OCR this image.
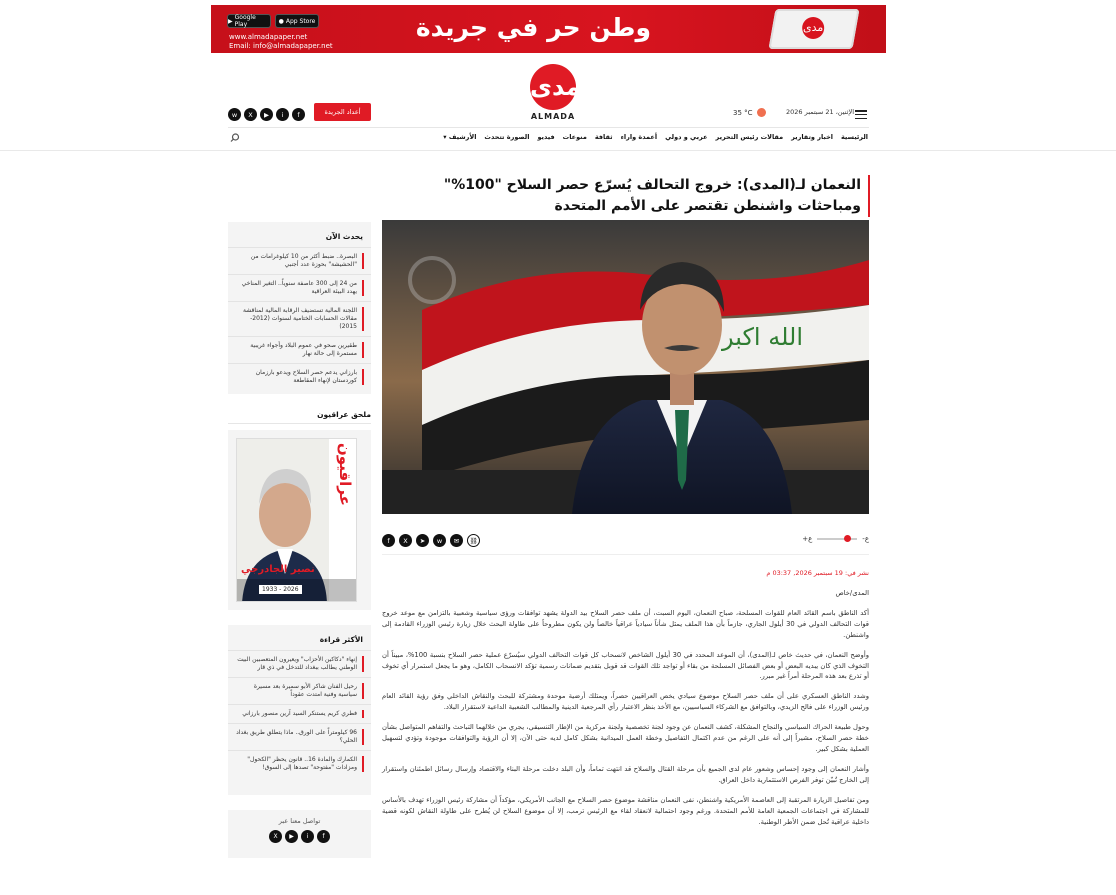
▶ Google Play	● App Store
www.almadapaper.net
Email: info@almadapaper.net
وطن حر في جريدة	مدى
مدى
ALMADA
w	X	▶	i	f	أعداد الجريدة	35 °C	الإثنين، 21 سبتمبر 2026
الرئيسية
اخبار وتقارير
مقالات رئيس التحرير
عربي و دولي
أعمدة واراء
ثقافة
منوعات
فيديو
الصورة تتحدث
الأرشيف ▾
النعمان لـ(المدى): خروج التحالف يُسرّع حصر السلاح "100%" ومباحثات واشنطن تقتصر على الأمم المتحدة
الله اكبر
f	X	➤	w	✉	⛓	ع-
ع+
نشر في: 19 سبتمبر 2026, 03:37 م

المدى/خاص

أكد الناطق باسم القائد العام للقوات المسلحة، صباح النعمان، اليوم السبت، أن ملف حصر السلاح بيد الدولة يشهد توافقات ورؤى سياسية وشعبية بالتزامن مع موعد خروج قوات التحالف الدولي في 30 أيلول الجاري، جازماً بأن هذا الملف يمثل شأناً سيادياً عراقياً خالصاً ولن يكون مطروحاً على طاولة البحث خلال زيارة رئيس الوزراء القادمة إلى واشنطن.

وأوضح النعمان، في حديث خاص لـ(المدى)، أن الموعد المحدد في 30 أيلول الشاخص لانسحاب كل قوات التحالف الدولي سيُسرّع عملية حصر السلاح بنسبة 100%، مبيناً أن التخوف الذي كان يبديه البعض أو بعض الفصائل المسلحة من بقاء أو تواجد تلك القوات قد قوبل بتقديم ضمانات رسمية تؤكد الانسحاب الكامل، وهو ما يجعل استمرار أي تخوف أو تذرع بعد هذه المرحلة أمراً غير مبرر.

وشدد الناطق العسكري على أن ملف حصر السلاح موضوع سيادي يخص العراقيين حصراً، ويمتلك أرضية موحدة ومشتركة للبحث والنقاش الداخلي وفق رؤية القائد العام ورئيس الوزراء على فالح الزيدي، وبالتوافق مع الشركاء السياسيين، مع الأخذ بنظر الاعتبار رأي المرجعية الدينية والمطالب الشعبية الداعية لاستقرار البلاد.

وحول طبيعة الحراك السياسي والنجاح المشكلة، كشف النعمان عن وجود لجنة تخصصية ولجنة مركزية من الإطار التنسيقي، يجري من خلالهما التباحث والتفاهم المتواصل بشأن خطة حصر السلاح، مشيراً إلى أنه على الرغم من عدم اكتمال التفاصيل وخطة العمل الميدانية بشكل كامل لديه حتى الآن، إلا أن الرؤية والتوافقات موجودة وتؤدي لتسهيل العملية بشكل كبير.

وأشار النعمان إلى وجود إحساس وشعور عام لدى الجميع بأن مرحلة القتال والسلاح قد انتهت تماماً، وأن البلد دخلت مرحلة البناء والاقتصاد وإرسال رسائل اطمئنان واستقرار إلى الخارج تُبيّن توفر الفرص الاستثمارية داخل العراق.

ومن تفاصيل الزيارة المرتقبة إلى العاصمة الأمريكية واشنطن، نفى النعمان مناقشة موضوع حصر السلاح مع الجانب الأمريكي، مؤكداً أن مشاركة رئيس الوزراء تهدف بالأساس للمشاركة في اجتماعات الجمعية العامة للأمم المتحدة. ورغم وجود احتمالية لانعقاد لقاء مع الرئيس ترمب، إلا أن موضوع السلاح لن يُطرح على طاولة النقاش لكونه قضية داخلية عراقية تُحل ضمن الأطر الوطنية.

يحدث الآن
البصرة.. ضبط أكثر من 10 كيلوغرامات من "الحشيشة" بحوزة عدد أجنبي
من 24 إلى 300 عاصفة سنوياً.. التغير المناخي يهدد البيئة العراقية
اللجنة المالية تستضيف الرقابة المالية لمناقشة مقالات الحسابات الختامية لسنوات (2012-2015)
طقيرين صحو في عموم البلاد وأجواء غريبية مستمرة إلى حالة نهار
بارزاني يدعم حصر السلاح ويدعو بارزمان كوردستان لإنهاء المقاطعة
ملحق عراقيون
عراقيون
نصير الجادرجي
1933 - 2026
الأكثر قراءة
إنهاء "دكاكين الأحزاب" ويعيرون المتعصبين البيت الوطني يطالب ببغداد للتدخل في ذي قار
رحيل الفنان شاكر الأبو سميرة بعد مسيرة سياسية وفنية امتدت عقوداً
فطري كريم يستنكر السيد آرين منصور بارزاني
96 كيلومتراً على الورق.. ماذا يتطلق طريق بغداد الحلي؟
الكمارك والمادة 16.. قانون يحظر "الكحول" ومزادات "مفتوحة" تصدها إلى السوق!
تواصل معنا عبر
X	▶	i	f
